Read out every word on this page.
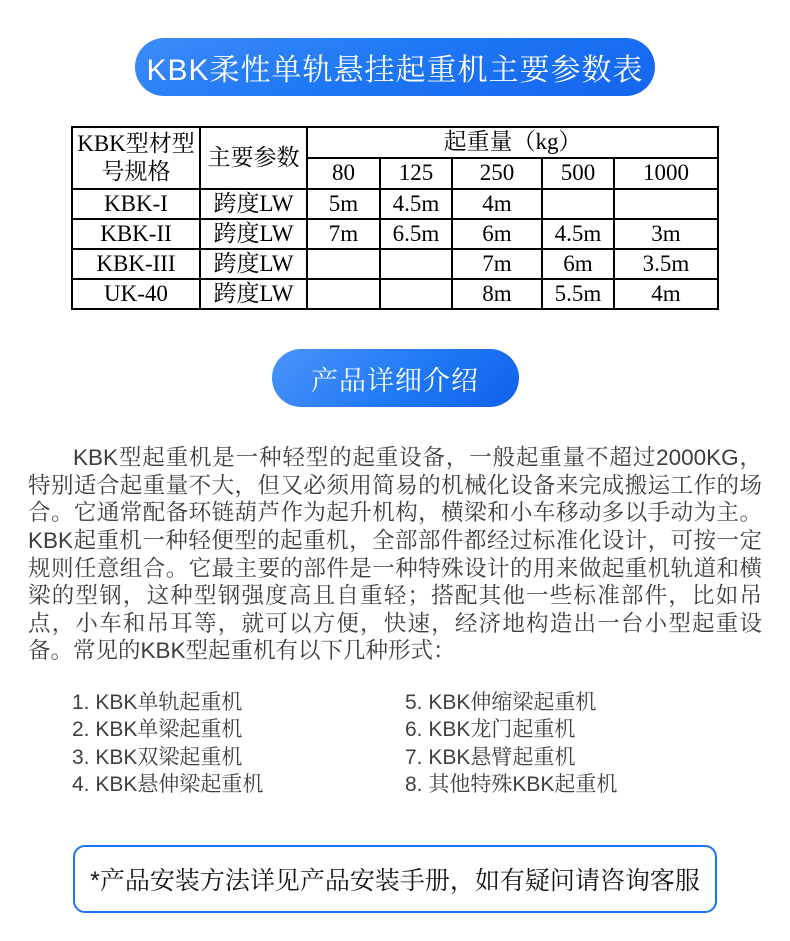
KBK柔性单轨悬挂起重机主要参数表
KBK型材型号规格	主要参数	起重量（kg）				
		80	125	250	500	1000
KBK-I	跨度LW	5m	4.5m	4m		
KBK-II	跨度LW	7m	6.5m	6m	4.5m	3m
KBK-III	跨度LW			7m	6m	3.5m
UK-40	跨度LW			8m	5.5m	4m
产品详细介绍

KBK型起重机是一种轻型的起重设备，一般起重量不超过2000KG，特别适合起重量不大，但又必须用简易的机械化设备来完成搬运工作的场合。它通常配备环链葫芦作为起升机构，横梁和小车移动多以手动为主。KBK起重机一种轻便型的起重机，全部部件都经过标准化设计，可按一定规则任意组合。它最主要的部件是一种特殊设计的用来做起重机轨道和横梁的型钢，这种型钢强度高且自重轻；搭配其他一些标准部件，比如吊点，小车和吊耳等，就可以方便，快速，经济地构造出一台小型起重设备。常见的KBK型起重机有以下几种形式：

1. KBK单轨起重机
2. KBK单梁起重机
3. KBK双梁起重机
4. KBK悬伸梁起重机
5. KBK伸缩梁起重机
6. KBK龙门起重机
7. KBK悬臂起重机
8. 其他特殊KBK起重机
*产品安装方法详见产品安装手册，如有疑问请咨询客服
